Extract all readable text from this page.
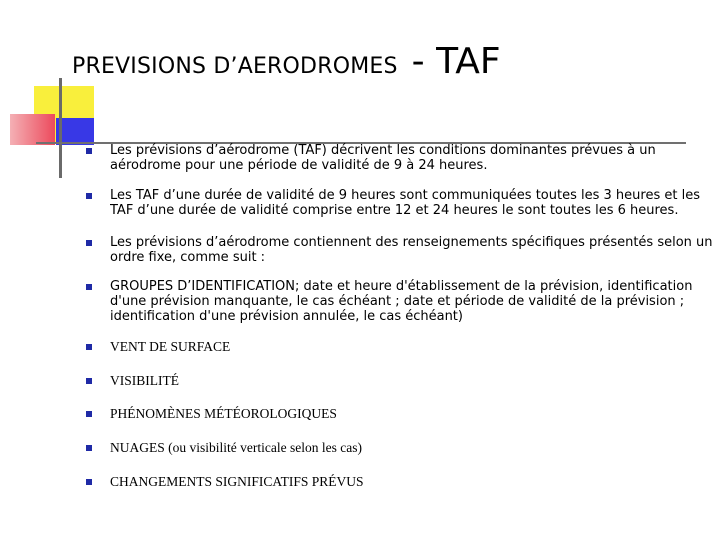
PREVISIONS D’AERODROMES - TAF
Les prévisions d’aérodrome (TAF) décrivent les conditions dominantes prévues à un
aérodrome pour une période de validité de 9 à 24 heures.
Les TAF d’une durée de validité de 9 heures sont communiquées toutes les 3 heures et les
TAF d’une durée de validité comprise entre 12 et 24 heures le sont toutes les 6 heures.
Les prévisions d’aérodrome contiennent des renseignements spécifiques présentés selon un
ordre fixe, comme suit :
GROUPES D’IDENTIFICATION; date et heure d'établissement de la prévision, identification
d'une prévision manquante, le cas échéant ; date et période de validité de la prévision ;
identification d'une prévision annulée, le cas échéant)
VENT DE SURFACE
VISIBILITÉ
PHÉNOMÈNES MÉTÉOROLOGIQUES
NUAGES (ou visibilité verticale selon les cas)
CHANGEMENTS SIGNIFICATIFS PRÉVUS
